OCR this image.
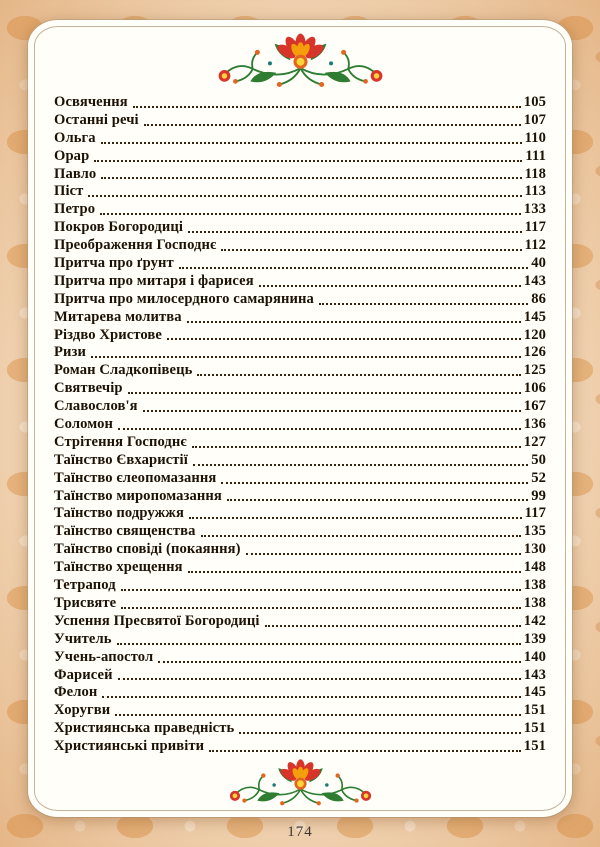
Освячення	105
Останні речі	107
Ольга	110
Орар	111
Павло	118
Піст	113
Петро	133
Покров Богородиці	117
Преображення Господнє	112
Притча про ґрунт	40
Притча про митаря і фарисея	143
Притча про милосердного самарянина	86
Митарева молитва	145
Різдво Христове	120
Ризи	126
Роман Сладкопівець	125
Святвечір	106
Славослов'я	167
Соломон	136
Стрітення Господнє	127
Таїнство Євхаристії	50
Таїнство єлеопомазання	52
Таїнство миропомазання	99
Таїнство подружжя	117
Таїнство священства	135
Таїнство сповіді (покаяння)	130
Таїнство хрещення	148
Тетрапод	138
Трисвяте	138
Успення Пресвятої Богородиці	142
Учитель	139
Учень-апостол	140
Фарисей	143
Фелон	145
Хоругви	151
Християнська праведність	151
Християнські привіти	151
174
